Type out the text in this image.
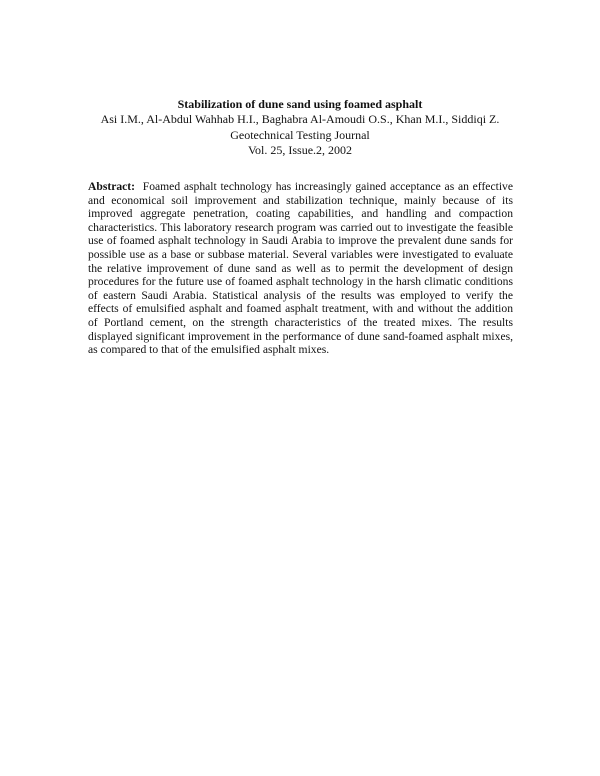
Stabilization of dune sand using foamed asphalt
Asi I.M., Al-Abdul Wahhab H.I., Baghabra Al-Amoudi O.S., Khan M.I., Siddiqi Z.
Geotechnical Testing Journal
Vol. 25, Issue.2, 2002

Abstract: Foamed asphalt technology has increasingly gained acceptance as an effective and economical soil improvement and stabilization technique, mainly because of its improved aggregate penetration, coating capabilities, and handling and compaction characteristics. This laboratory research program was carried out to investigate the feasible use of foamed asphalt technology in Saudi Arabia to improve the prevalent dune sands for possible use as a base or subbase material. Several variables were investigated to evaluate the relative improvement of dune sand as well as to permit the development of design procedures for the future use of foamed asphalt technology in the harsh climatic conditions of eastern Saudi Arabia. Statistical analysis of the results was employed to verify the effects of emulsified asphalt and foamed asphalt treatment, with and without the addition of Portland cement, on the strength characteristics of the treated mixes. The results displayed significant improvement in the performance of dune sand-foamed asphalt mixes, as compared to that of the emulsified asphalt mixes.
